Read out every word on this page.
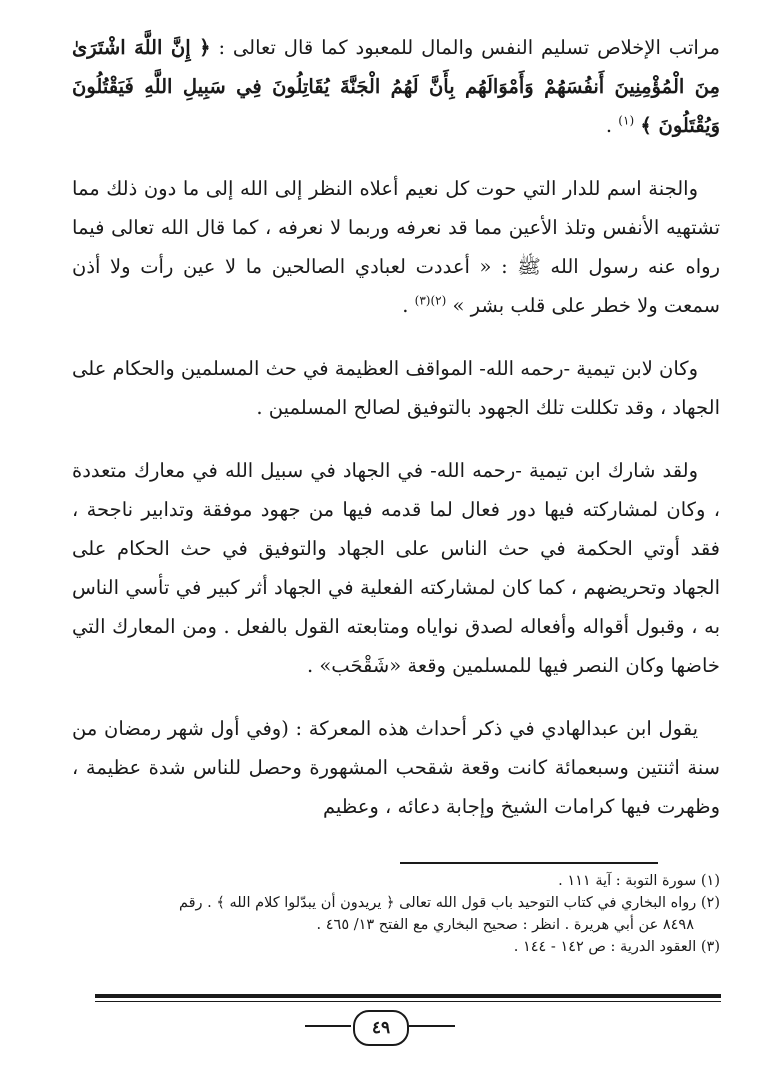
مراتب الإخلاص تسليم النفس والمال للمعبود كما قال تعالى : ﴿ إِنَّ اللَّهَ اشْتَرَىٰ مِنَ الْمُؤْمِنِينَ أَنفُسَهُمْ وَأَمْوَالَهُم بِأَنَّ لَهُمُ الْجَنَّةَ يُقَاتِلُونَ فِي سَبِيلِ اللَّهِ فَيَقْتُلُونَ وَيُقْتَلُونَ ﴾ $^{(١)}$ .

والجنة اسم للدار التي حوت كل نعيم أعلاه النظر إلى الله إلى ما دون ذلك مما تشتهيه الأنفس وتلذ الأعين مما قد نعرفه وربما لا نعرفه ، كما قال الله تعالى فيما رواه عنه رسول الله ﷺ : « أعددت لعبادي الصالحين ما لا عين رأت ولا أذن سمعت ولا خطر على قلب بشر » $^{(٢)(٣)}$ .

وكان لابن تيمية -رحمه الله- المواقف العظيمة في حث المسلمين والحكام على الجهاد ، وقد تكللت تلك الجهود بالتوفيق لصالح المسلمين .

ولقد شارك ابن تيمية -رحمه الله- في الجهاد في سبيل الله في معارك متعددة ، وكان لمشاركته فيها دور فعال لما قدمه فيها من جهود موفقة وتدابير ناجحة ، فقد أوتي الحكمة في حث الناس على الجهاد والتوفيق في حث الحكام على الجهاد وتحريضهم ، كما كان لمشاركته الفعلية في الجهاد أثر كبير في تأسي الناس به ، وقبول أقواله وأفعاله لصدق نواياه ومتابعته القول بالفعل . ومن المعارك التي خاضها وكان النصر فيها للمسلمين وقعة «شَقْحَب» .

يقول ابن عبدالهادي في ذكر أحداث هذه المعركة : (وفي أول شهر رمضان من سنة اثنتين وسبعمائة كانت وقعة شقحب المشهورة وحصل للناس شدة عظيمة ، وظهرت فيها كرامات الشيخ وإجابة دعائه ، وعظيم

(١) سورة التوبة : آية ١١١ .

(٢) رواه البخاري في كتاب التوحيد باب قول الله تعالى ﴿ يريدون أن يبدّلوا كلام الله ﴾ . رقم

٨٤٩٨ عن أبي هريرة . انظر : صحيح البخاري مع الفتح ١٣/ ٤٦٥ .

(٣) العقود الدرية : ص ١٤٢ - ١٤٤ .

٤٩
